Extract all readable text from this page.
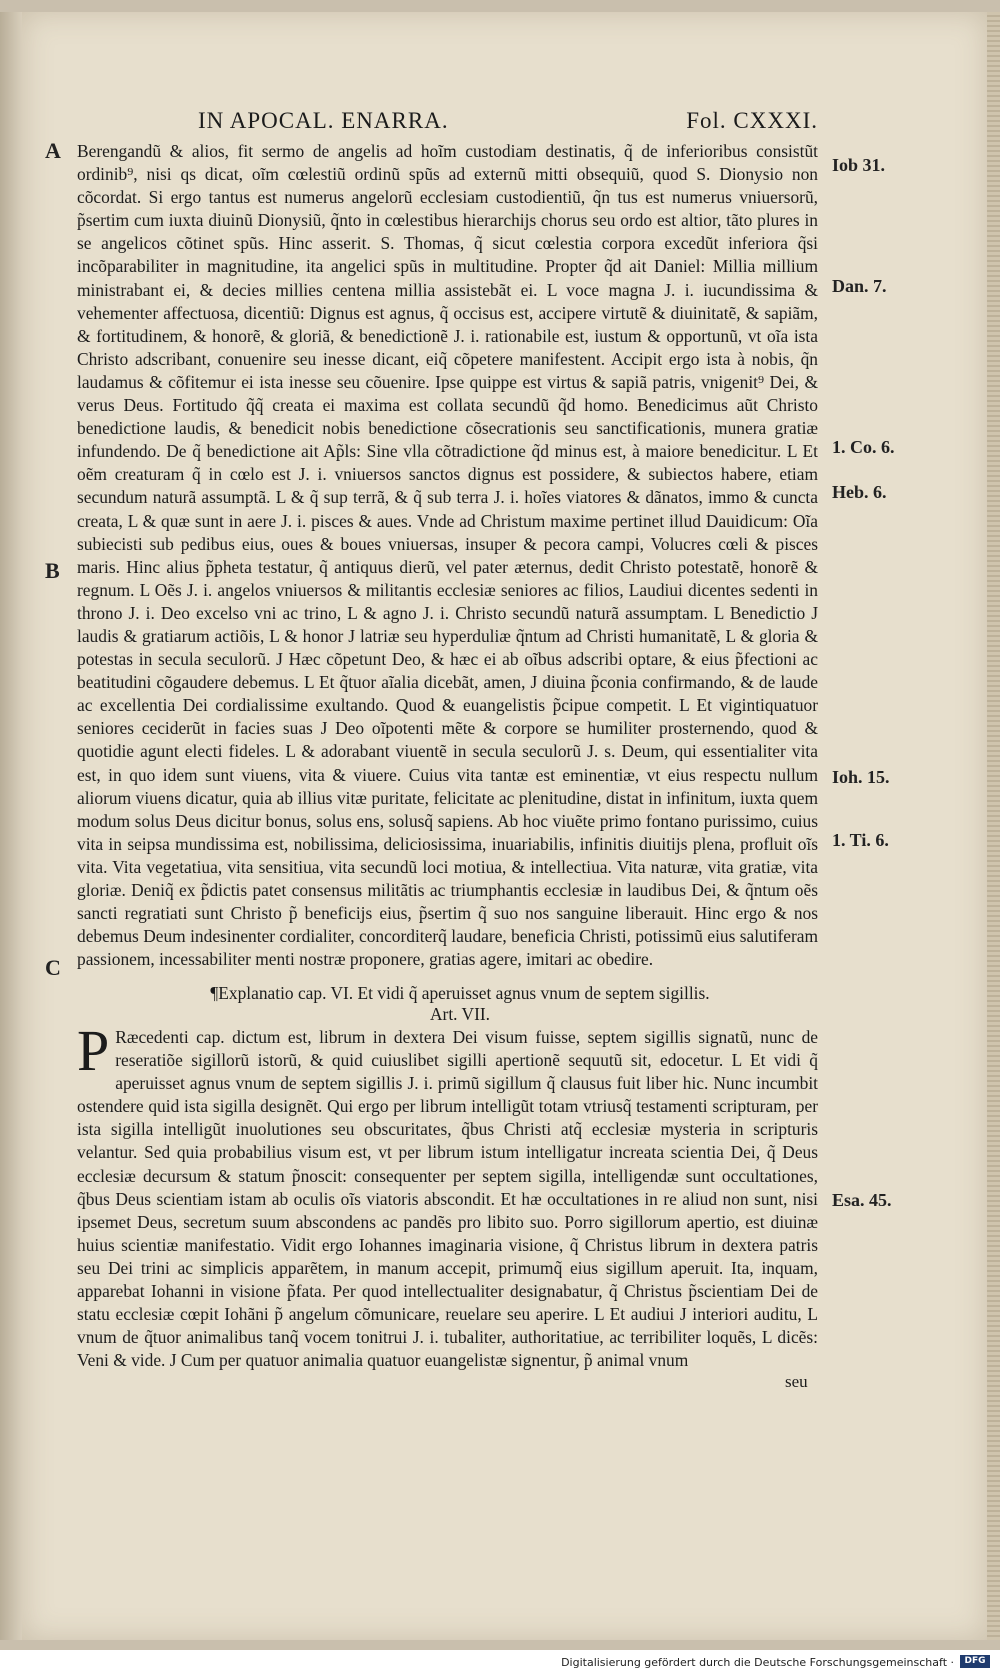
IN APOCAL. ENARRA.	Fol. CXXXI.
A
B
C
Iob 31.
Dan. 7.
1. Co. 6.
Heb. 6.
Ioh. 15.
1. Ti. 6.
Esa. 45.

Berengandũ & alios, fit sermo de angelis ad hoĩm custodiam destinatis, q̃ de inferioribus consistũt ordinib⁹, nisi qs dicat, oĩm cœlestiũ ordinũ spũs ad externũ mitti obsequiũ, quod S. Dionysio non cõcordat. Si ergo tantus est numerus angelorũ ecclesiam custodientiũ, q̃n tus est numerus vniuersorũ, p̃sertim cum iuxta diuinũ Dionysiũ, q̃nto in cœlestibus hierarchijs chorus seu ordo est altior, tãto plures in se angelicos cõtinet spũs. Hinc asserit. S. Thomas, q̃ sicut cœlestia corpora excedũt inferiora q̃si incõparabiliter in magnitudine, ita angelici spũs in multitudine. Propter q̃d ait Daniel: Millia millium ministrabant ei, & decies millies centena millia assistebãt ei. L voce magna J. i. iucundissima & vehementer affectuosa, dicentiũ: Dignus est agnus, q̃ occisus est, accipere virtutẽ & diuinitatẽ, & sapiãm, & fortitudinem, & honorẽ, & gloriã, & benedictionẽ J. i. rationabile est, iustum & opportunũ, vt oĩa ista Christo adscribant, conuenire seu inesse dicant, eiq̃ cõpetere manifestent. Accipit ergo ista à nobis, q̃n laudamus & cõfitemur ei ista inesse seu cõuenire. Ipse quippe est virtus & sapiã patris, vnigenit⁹ Dei, & verus Deus. Fortitudo q̃q̃ creata ei maxima est collata secundũ q̃d homo. Benedicimus aũt Christo benedictione laudis, & benedicit nobis benedictione cõsecrationis seu sanctificationis, munera gratiæ infundendo. De q̃ benedictione ait Ap̃ls: Sine vlla cõtradictione q̃d minus est, à maiore benedicitur. L Et oẽm creaturam q̃ in cœlo est J. i. vniuersos sanctos dignus est possidere, & subiectos habere, etiam secundum naturã assumptã. L & q̃ sup terrã, & q̃ sub terra J. i. hoĩes viatores & dãnatos, immo & cuncta creata, L & quæ sunt in aere J. i. pisces & aues. Vnde ad Christum maxime pertinet illud Dauidicum: Oĩa subiecisti sub pedibus eius, oues & boues vniuersas, insuper & pecora campi, Volucres cœli & pisces maris. Hinc alius p̃pheta testatur, q̃ antiquus dierũ, vel pater æternus, dedit Christo potestatẽ, honorẽ & regnum. L Oẽs J. i. angelos vniuersos & militantis ecclesiæ seniores ac filios, Laudiui dicentes sedenti in throno J. i. Deo excelso vni ac trino, L & agno J. i. Christo secundũ naturã assumptam. L Benedictio J laudis & gratiarum actiõis, L & honor J latriæ seu hyperduliæ q̃ntum ad Christi humanitatẽ, L & gloria & potestas in secula seculorũ. J Hæc cõpetunt Deo, & hæc ei ab oĩbus adscribi optare, & eius p̃fectioni ac beatitudini cõgaudere debemus. L Et q̃tuor aĩalia dicebãt, amen, J diuina p̃conia confirmando, & de laude ac excellentia Dei cordialissime exultando. Quod & euangelistis p̃cipue competit. L Et vigintiquatuor seniores ceciderũt in facies suas J Deo oĩpotenti mẽte & corpore se humiliter prosternendo, quod & quotidie agunt electi fideles. L & adorabant viuentẽ in secula seculorũ J. s. Deum, qui essentialiter vita est, in quo idem sunt viuens, vita & viuere. Cuius vita tantæ est eminentiæ, vt eius respectu nullum aliorum viuens dicatur, quia ab illius vitæ puritate, felicitate ac plenitudine, distat in infinitum, iuxta quem modum solus Deus dicitur bonus, solus ens, solusq̃ sapiens. Ab hoc viuẽte primo fontano purissimo, cuius vita in seipsa mundissima est, nobilissima, deliciosissima, inuariabilis, infinitis diuitijs plena, profluit oĩs vita. Vita vegetatiua, vita sensitiua, vita secundũ loci motiua, & intellectiua. Vita naturæ, vita gratiæ, vita gloriæ. Deniq̃ ex p̃dictis patet consensus militãtis ac triumphantis ecclesiæ in laudibus Dei, & q̃ntum oẽs sancti regratiati sunt Christo p̃ beneficijs eius, p̃sertim q̃ suo nos sanguine liberauit. Hinc ergo & nos debemus Deum indesinenter cordialiter, concorditerq̃ laudare, beneficia Christi, potissimũ eius salutiferam passionem, incessabiliter menti nostræ proponere, gratias agere, imitari ac obedire.

¶Explanatio cap. VI. Et vidi q̃ aperuisset agnus vnum de septem sigillis. Art. VII.
P Ræcedenti cap. dictum est, librum in dextera Dei visum fuisse, septem sigillis signatũ, nunc de reseratiõe sigillorũ istorũ, & quid cuiuslibet sigilli apertionẽ sequutũ sit, edocetur. L Et vidi q̃ aperuisset agnus vnum de septem sigillis J. i. primũ sigillum q̃ clausus fuit liber hic. Nunc incumbit ostendere quid ista sigilla designẽt. Qui ergo per librum intelligũt totam vtriusq̃ testamenti scripturam, per ista sigilla intelligũt inuolutiones seu obscuritates, q̃bus Christi atq̃ ecclesiæ mysteria in scripturis velantur. Sed quia probabilius visum est, vt per librum istum intelligatur increata scientia Dei, q̃ Deus ecclesiæ decursum & statum p̃noscit: consequenter per septem sigilla, intelligendæ sunt occultationes, q̃bus Deus scientiam istam ab oculis oĩs viatoris abscondit. Et hæ occultationes in re aliud non sunt, nisi ipsemet Deus, secretum suum abscondens ac pandẽs pro libito suo. Porro sigillorum apertio, est diuinæ huius scientiæ manifestatio. Vidit ergo Iohannes imaginaria visione, q̃ Christus librum in dextera patris seu Dei trini ac simplicis apparẽtem, in manum accepit, primumq̃ eius sigillum aperuit. Ita, inquam, apparebat Iohanni in visione p̃fata. Per quod intellectualiter designabatur, q̃ Christus p̃scientiam Dei de statu ecclesiæ cœpit Iohãni p̃ angelum cõmunicare, reuelare seu aperire. L Et audiui J interiori auditu, L vnum de q̃tuor animalibus tanq̃ vocem tonitrui J. i. tubaliter, authoritatiue, ac terribiliter loquẽs, L dicẽs: Veni & vide. J Cum per quatuor animalia quatuor euangelistæ signentur, p̃ animal vnum
seu
Digitalisierung gefördert durch die Deutsche Forschungsgemeinschaft ·	DFG
